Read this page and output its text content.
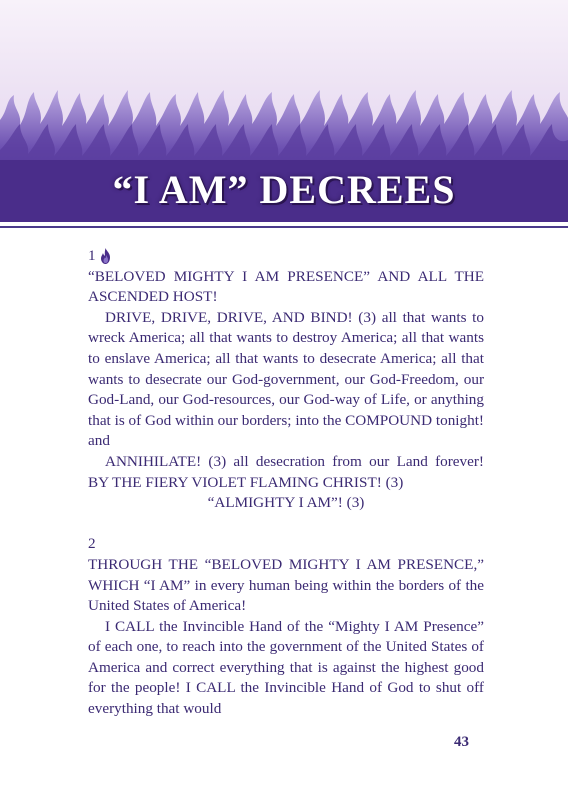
“I AM” DECREES
1

“BELOVED MIGHTY I AM PRESENCE” AND ALL THE ASCENDED HOST!

DRIVE, DRIVE, DRIVE, AND BIND! (3) all that wants to wreck America; all that wants to destroy America; all that wants to enslave America; all that wants to desecrate America; all that wants to desecrate our God-government, our God-Freedom, our God-Land, our God-resources, our God-way of Life, or anything that is of God within our borders; into the COMPOUND tonight! and

ANNIHILATE! (3) all desecration from our Land forever! BY THE FIERY VIOLET FLAMING CHRIST! (3)

“ALMIGHTY I AM”! (3)

2

THROUGH THE “BELOVED MIGHTY I AM PRESENCE,” WHICH “I AM” in every human being within the borders of the United States of America!

I CALL the Invincible Hand of the “Mighty I AM Presence” of each one, to reach into the government of the United States of America and correct everything that is against the highest good for the people! I CALL the Invincible Hand of God to shut off everything that would

43
